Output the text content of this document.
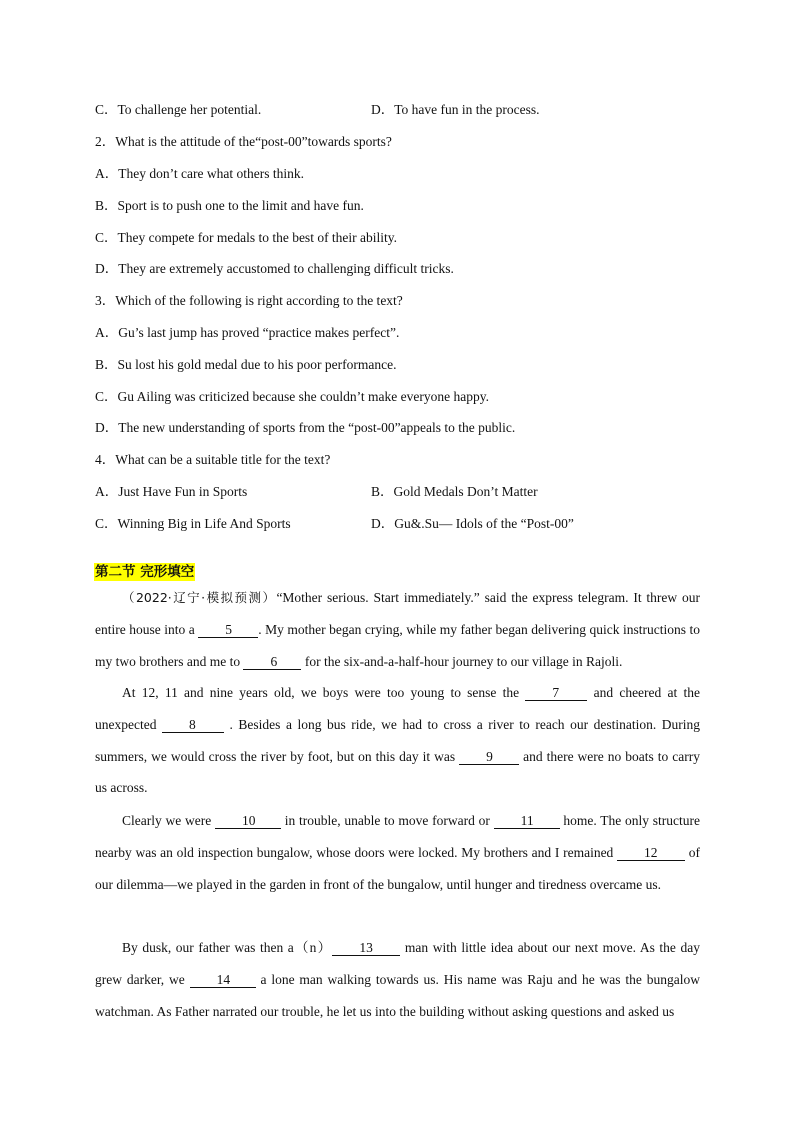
C．To challenge her potential.	D．To have fun in the process.
2．What is the attitude of the“post-00”towards sports?
A．They don’t care what others think.
B．Sport is to push one to the limit and have fun.
C．They compete for medals to the best of their ability.
D．They are extremely accustomed to challenging difficult tricks.
3．Which of the following is right according to the text?
A．Gu’s last jump has proved “practice makes perfect”.
B．Su lost his gold medal due to his poor performance.
C．Gu Ailing was criticized because she couldn’t make everyone happy.
D．The new understanding of sports from the “post-00”appeals to the public.
4．What can be a suitable title for the text?
A．Just Have Fun in Sports	B．Gold Medals Don’t Matter
C．Winning Big in Life And Sports	D．Gu&.Su— Idols of the “Post-00”
第二节 完形填空
（2022·辽宁·模拟预测）“Mother serious. Start immediately.” said the express telegram. It threw our entire house into a 5 . My mother began crying, while my father began delivering quick instructions to my two brothers and me to 6 for the six-and-a-half-hour journey to our village in Rajoli.
At 12, 11 and nine years old, we boys were too young to sense the 7 and cheered at the unexpected 8 . Besides a long bus ride, we had to cross a river to reach our destination. During summers, we would cross the river by foot, but on this day it was 9 and there were no boats to carry us across.
Clearly we were 10 in trouble, unable to move forward or 11 home. The only structure nearby was an old inspection bungalow, whose doors were locked. My brothers and I remained 12 of our dilemma—we played in the garden in front of the bungalow, until hunger and tiredness overcame us.
By dusk, our father was then a（n） 13 man with little idea about our next move. As the day grew darker, we 14 a lone man walking towards us. His name was Raju and he was the bungalow watchman. As Father narrated our trouble, he let us into the building without asking questions and asked us
